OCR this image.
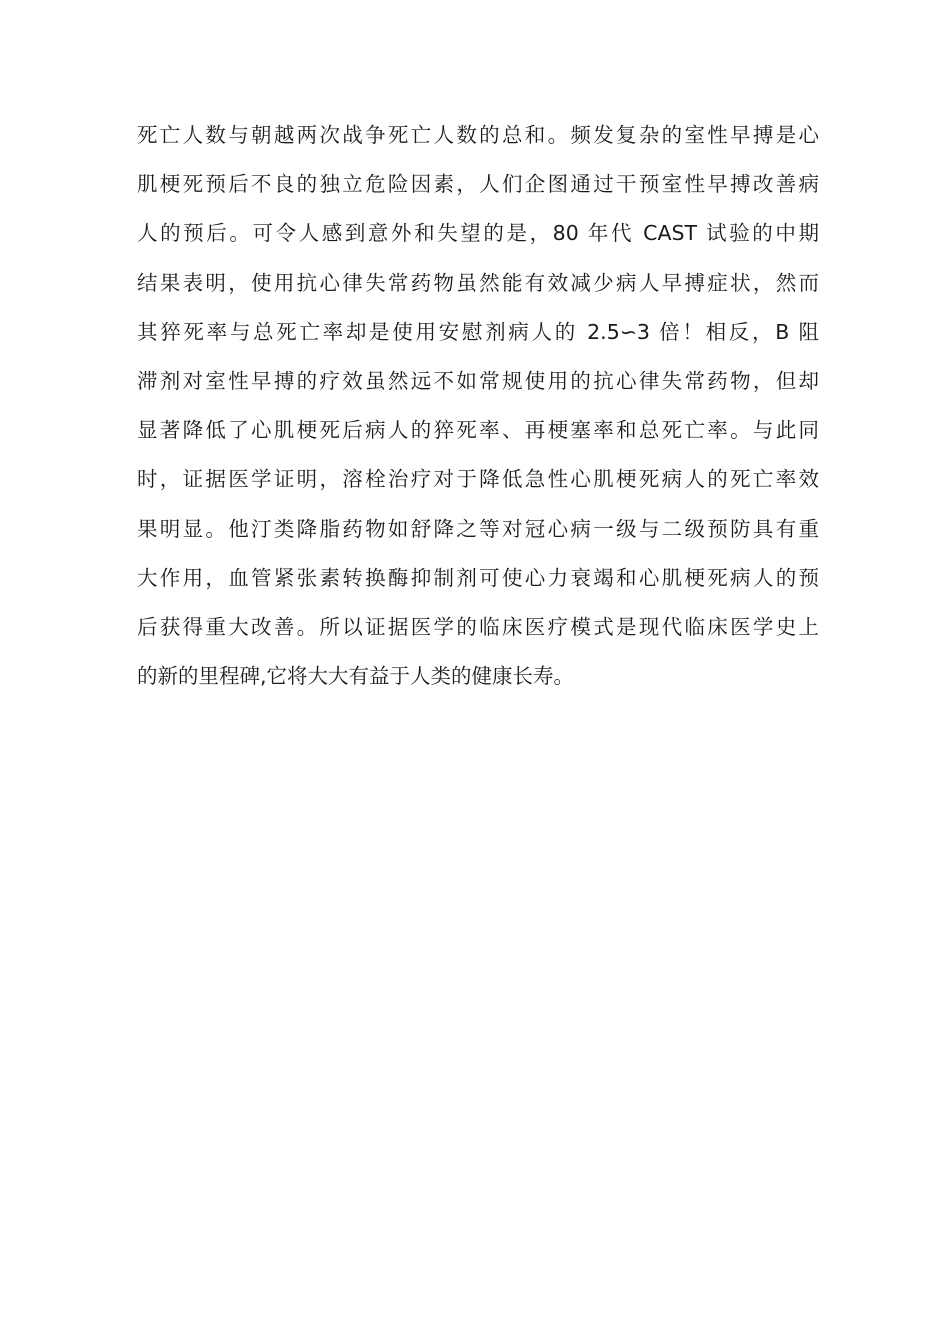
死亡人数与朝越两次战争死亡人数的总和。频发复杂的室性早搏是心
肌梗死预后不良的独立危险因素，人们企图通过干预室性早搏改善病
人的预后。可令人感到意外和失望的是，80 年代 CAST 试验的中期
结果表明，使用抗心律失常药物虽然能有效减少病人早搏症状，然而
其猝死率与总死亡率却是使用安慰剂病人的 2.5∽3 倍！相反，B 阻
滞剂对室性早搏的疗效虽然远不如常规使用的抗心律失常药物，但却
显著降低了心肌梗死后病人的猝死率、再梗塞率和总死亡率。与此同
时，证据医学证明，溶栓治疗对于降低急性心肌梗死病人的死亡率效
果明显。他汀类降脂药物如舒降之等对冠心病一级与二级预防具有重
大作用，血管紧张素转换酶抑制剂可使心力衰竭和心肌梗死病人的预
后获得重大改善。所以证据医学的临床医疗模式是现代临床医学史上
的新的里程碑,它将大大有益于人类的健康长寿。
